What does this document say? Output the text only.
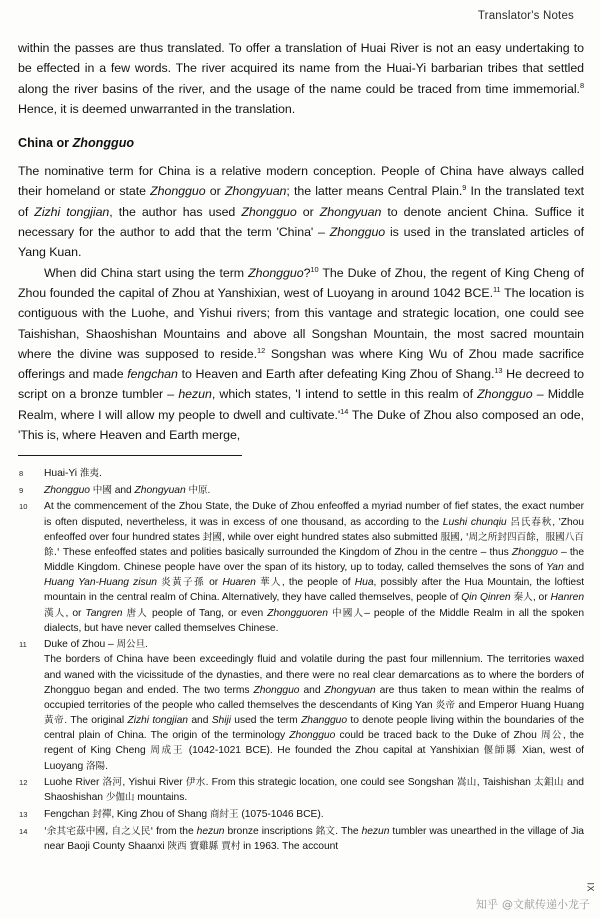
Translator's Notes

within the passes are thus translated. To offer a translation of Huai River is not an easy undertaking to be effected in a few words. The river acquired its name from the Huai-Yi barbarian tribes that settled along the river basins of the river, and the usage of the name could be traced from time immemorial.$^8$ Hence, it is deemed unwarranted in the translation.

China or Zhongguo

The nominative term for China is a relative modern conception. People of China have always called their homeland or state Zhongguo or Zhongyuan; the latter means Central Plain.$^9$ In the translated text of Zizhi tongjian, the author has used Zhongguo or Zhongyuan to denote ancient China. Suffice it necessary for the author to add that the term 'China' – Zhongguo is used in the translated articles of Yang Kuan.

When did China start using the term Zhongguo?$^{10}$ The Duke of Zhou, the regent of King Cheng of Zhou founded the capital of Zhou at Yanshixian, west of Luoyang in around 1042 BCE.$^{11}$ The location is contiguous with the Luohe, and Yishui rivers; from this vantage and strategic location, one could see Taishishan, Shaoshishan Mountains and above all Songshan Mountain, the most sacred mountain where the divine was supposed to reside.$^{12}$ Songshan was where King Wu of Zhou made sacrifice offerings and made fengchan to Heaven and Earth after defeating King Zhou of Shang.$^{13}$ He decreed to script on a bronze tumbler – hezun, which states, 'I intend to settle in this realm of Zhongguo – Middle Realm, where I will allow my people to dwell and $cultivate.'^{14}$ The Duke of Zhou also composed an ode, 'This is, where Heaven and Earth merge,

8	Huai-Yi 淮夷.
9	Zhongguo 中國 and Zhongyuan 中原.
10	At the commencement of the Zhou State, the Duke of Zhou enfeoffed a myriad number of fief states, the exact number is often disputed, nevertheless, it was in excess of one thousand, as according to the Lushi chunqiu 呂氏春秋, 'Zhou enfeoffed over four hundred states 封國, while over eight hundred states also submitted 服國, '周之所封四百餘，服國八百餘.' These enfeoffed states and polities basically surrounded the Kingdom of Zhou in the centre – thus Zhongguo – the Middle Kingdom. Chinese people have over the span of its history, up to today, called themselves the sons of Yan and Huang Yan-Huang zisun 炎黃子孫 or Huaren 華人, the people of Hua, possibly after the Hua Mountain, the loftiest mountain in the central realm of China. Alternatively, they have called themselves, people of Qin Qinren 秦人, or Hanren 漢人, or Tangren 唐人 people of Tang, or even Zhongguoren 中國人– people of the Middle Realm in all the spoken dialects, but have never called themselves Chinese.
11	Duke of Zhou – 周公旦.
The borders of China have been exceedingly fluid and volatile during the past four millennium. The territories waxed and waned with the vicissitude of the dynasties, and there were no real clear demarcations as to where the borders of Zhongguo began and ended. The two terms Zhongguo and Zhongyuan are thus taken to mean within the realms of occupied territories of the people who called themselves the descendants of King Yan 炎帝 and Emperor Huang Huang 黃帝. The original Zizhi tongjian and Shiji used the term Zhangguo to denote people living within the boundaries of the central plain of China. The origin of the terminology Zhongguo could be traced back to the Duke of Zhou 周公, the regent of King Cheng 周成王 (1042-1021 BCE). He founded the Zhou capital at Yanshixian 偃師縣 Xian, west of Luoyang 洛陽.
12	Luohe River 洛河, Yishui River 伊水. From this strategic location, one could see Songshan 嵩山, Taishishan 太鉬山 and Shaoshishan 少伽山 mountains.
13	Fengchan 封禪, King Zhou of Shang 商紂王 (1075-1046 BCE).
14	'余其宅茲中國, 自之乂民' from the hezun bronze inscriptions 銘文. The hezun tumbler was unearthed in the village of Jia near Baoji County Shaanxi 陝西 寶雞縣 賈村 in 1963. The account
IX
知乎 @文献传递小龙子
